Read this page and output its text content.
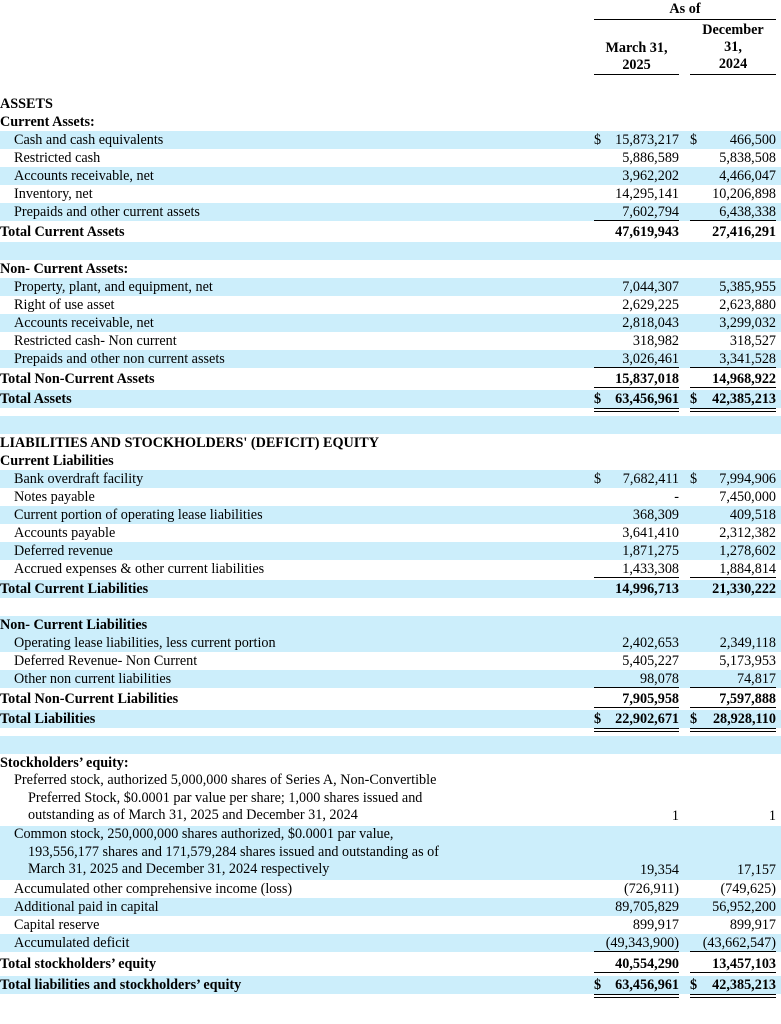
As of
March 31,
2025
December
31,
2024
ASSETS
Current Assets:
Cash and cash equivalents	$ 15,873,217 $ 466,500
Restricted cash	5,886,589	5,838,508
Accounts receivable, net	3,962,202	4,466,047
Inventory, net	14,295,141 10,206,898
Prepaids and other current assets	7,602,794	6,438,338
Total Current Assets	47,619,943 27,416,291
Non- Current Assets:
Property, plant, and equipment, net	7,044,307	5,385,955
Right of use asset	2,629,225	2,623,880
Accounts receivable, net	2,818,043	3,299,032
Restricted cash- Non current	318,982	318,527
Prepaids and other non current assets	3,026,461	3,341,528
Total Non-Current Assets	15,837,018 14,968,922
Total Assets	$ 63,456,961 $ 42,385,213
LIABILITIES AND STOCKHOLDERS' (DEFICIT) EQUITY
Current Liabilities
Bank overdraft facility	$ 7,682,411 $ 7,994,906
Notes payable	-	7,450,000
Current portion of operating lease liabilities	368,309	409,518
Accounts payable	3,641,410	2,312,382
Deferred revenue	1,871,275	1,278,602
Accrued expenses & other current liabilities	1,433,308	1,884,814
Total Current Liabilities	14,996,713 21,330,222
Non- Current Liabilities
Operating lease liabilities, less current portion	2,402,653	2,349,118
Deferred Revenue- Non Current	5,405,227	5,173,953
Other non current liabilities	98,078	74,817
Total Non-Current Liabilities	7,905,958	7,597,888
Total Liabilities	$ 22,902,671 $ 28,928,110
Stockholders’ equity:
Preferred stock, authorized 5,000,000 shares of Series A, Non-Convertible
Preferred Stock, $0.0001 par value per share; 1,000 shares issued and
outstanding as of March 31, 2025 and December 31, 2024	1	1
Common stock, 250,000,000 shares authorized, $0.0001 par value,
193,556,177 shares and 171,579,284 shares issued and outstanding as of
March 31, 2025 and December 31, 2024 respectively	19,354	17,157
Accumulated other comprehensive income (loss)	(726,911)	(749,625)
Additional paid in capital	89,705,829 56,952,200
Capital reserve	899,917	899,917
Accumulated deficit	(49,343,900) (43,662,547)
Total stockholders’ equity	40,554,290 13,457,103
Total liabilities and stockholders’ equity	$ 63,456,961 $ 42,385,213
